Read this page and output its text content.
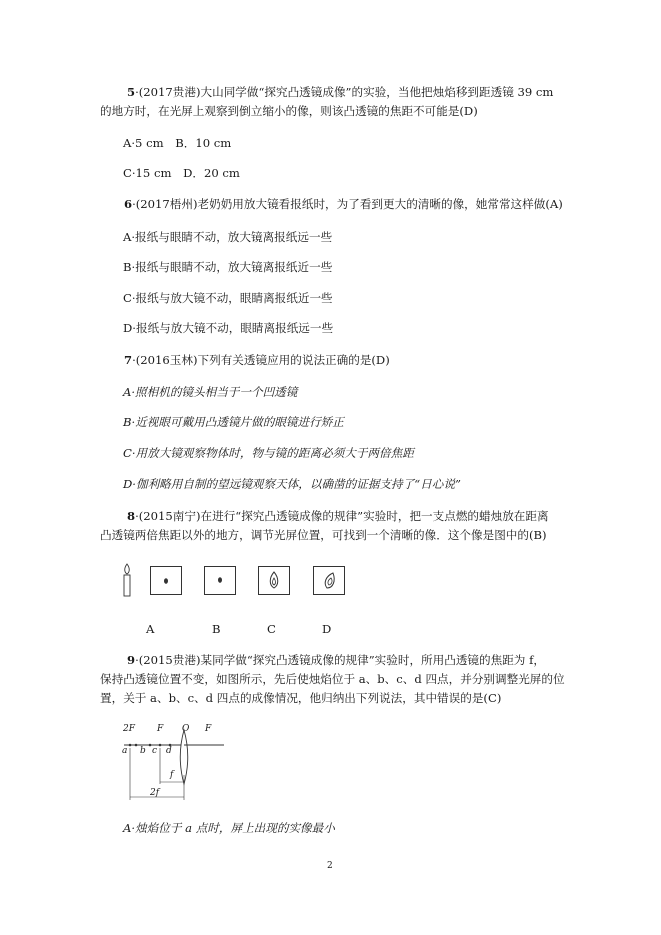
5·(2017贵港)大山同学做“探究凸透镜成像”的实验，当他把烛焰移到距透镜 39 cm
的地方时，在光屏上观察到倒立缩小的像，则该凸透镜的焦距不可能是(D)
A·5 cm　B．10 cm
C·15 cm　D．20 cm
6·(2017梧州)老奶奶用放大镜看报纸时，为了看到更大的清晰的像，她常常这样做(A)
A·报纸与眼睛不动，放大镜离报纸远一些
B·报纸与眼睛不动，放大镜离报纸近一些
C·报纸与放大镜不动，眼睛离报纸近一些
D·报纸与放大镜不动，眼睛离报纸远一些
7·(2016玉林)下列有关透镜应用的说法正确的是(D)
A·照相机的镜头相当于一个凹透镜
B·近视眼可戴用凸透镜片做的眼镜进行矫正
C·用放大镜观察物体时，物与镜的距离必须大于两倍焦距
D·伽利略用自制的望远镜观察天体，以确凿的证据支持了“日心说”
8·(2015南宁)在进行“探究凸透镜成像的规律”实验时，把一支点燃的蜡烛放在距离
凸透镜两倍焦距以外的地方，调节光屏位置，可找到一个清晰的像．这个像是图中的(B)
A	B	C	D
9·(2015贵港)某同学做“探究凸透镜成像的规律”实验时，所用凸透镜的焦距为 f，
保持凸透镜位置不变，如图所示，先后使烛焰位于 a、b、c、d 四点，并分别调整光屏的位
置，关于 a、b、c、d 四点的成像情况，他归纳出下列说法，其中错误的是(C)
2F F O F
a b c d
f
2f
A·烛焰位于 a 点时，屏上出现的实像最小
2
